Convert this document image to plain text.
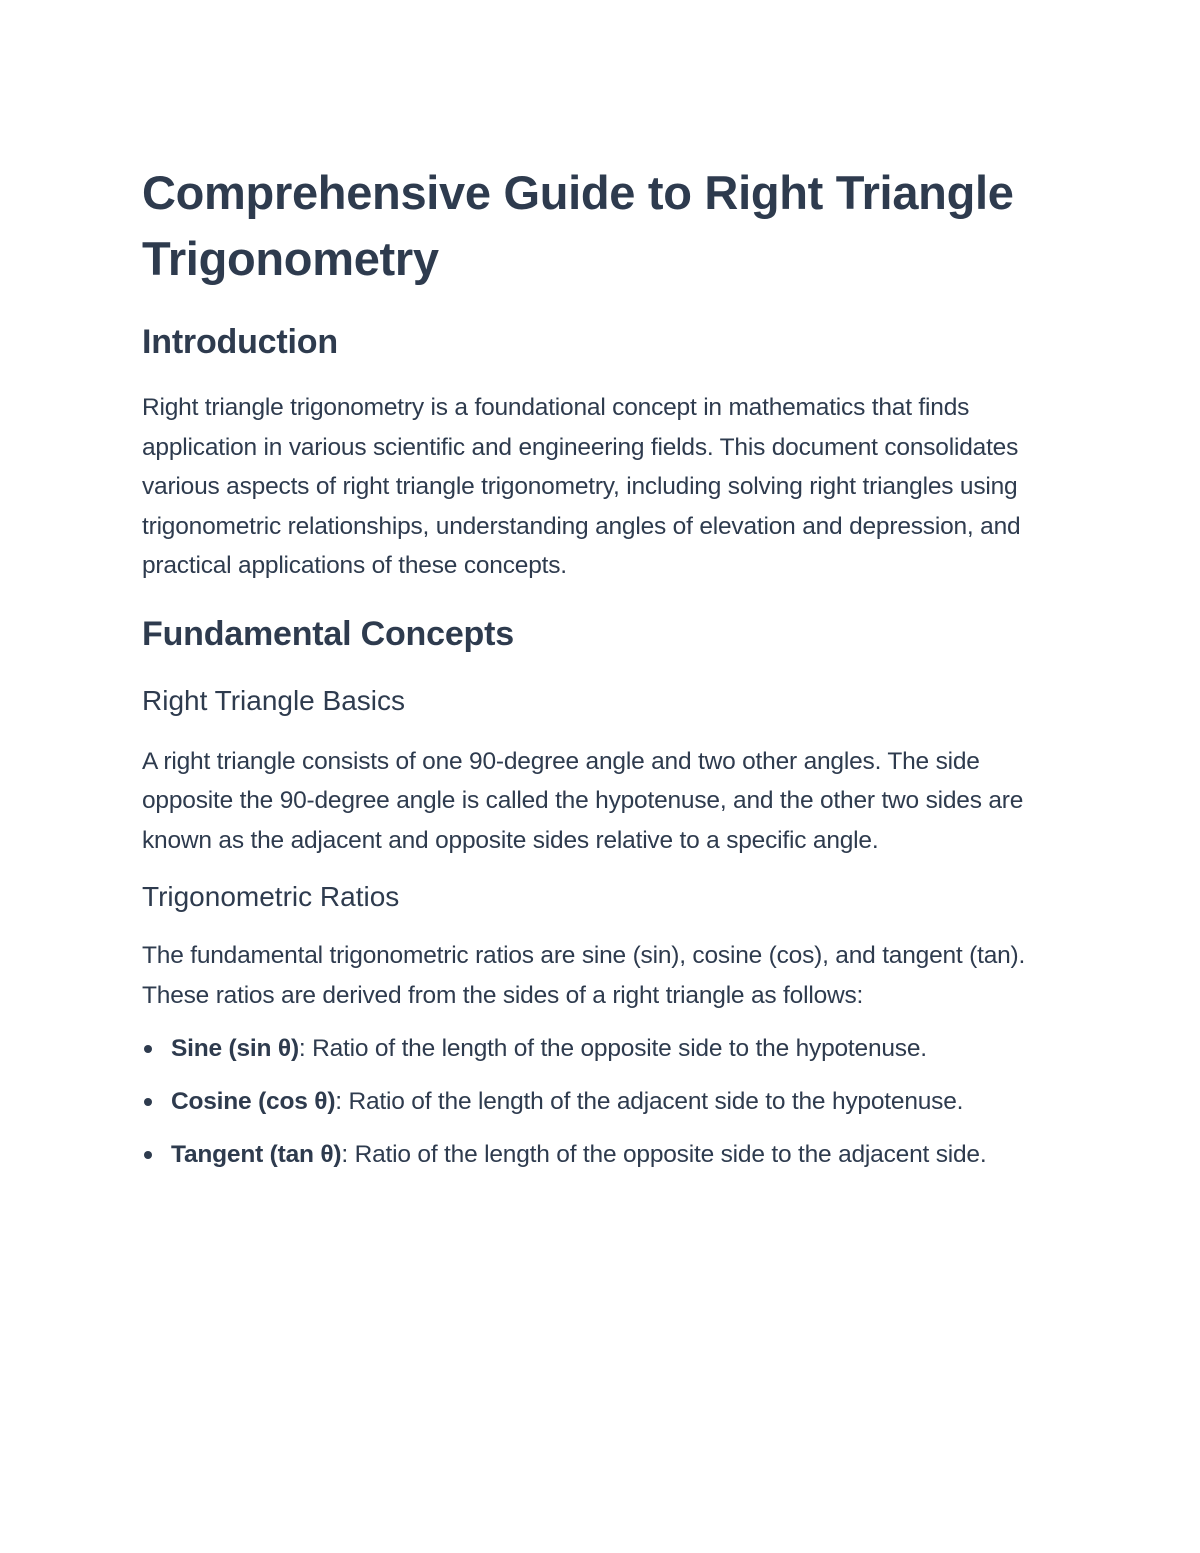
Comprehensive Guide to Right Triangle Trigonometry
Introduction

Right triangle trigonometry is a foundational concept in mathematics that finds application in various scientific and engineering fields. This document consolidates various aspects of right triangle trigonometry, including solving right triangles using trigonometric relationships, understanding angles of elevation and depression, and practical applications of these concepts.

Fundamental Concepts
Right Triangle Basics

A right triangle consists of one 90-degree angle and two other angles. The side opposite the 90-degree angle is called the hypotenuse, and the other two sides are known as the adjacent and opposite sides relative to a specific angle.

Trigonometric Ratios

The fundamental trigonometric ratios are sine (sin), cosine (cos), and tangent (tan). These ratios are derived from the sides of a right triangle as follows:

Sine (sin θ): Ratio of the length of the opposite side to the hypotenuse.
Cosine (cos θ): Ratio of the length of the adjacent side to the hypotenuse.
Tangent (tan θ): Ratio of the length of the opposite side to the adjacent side.
